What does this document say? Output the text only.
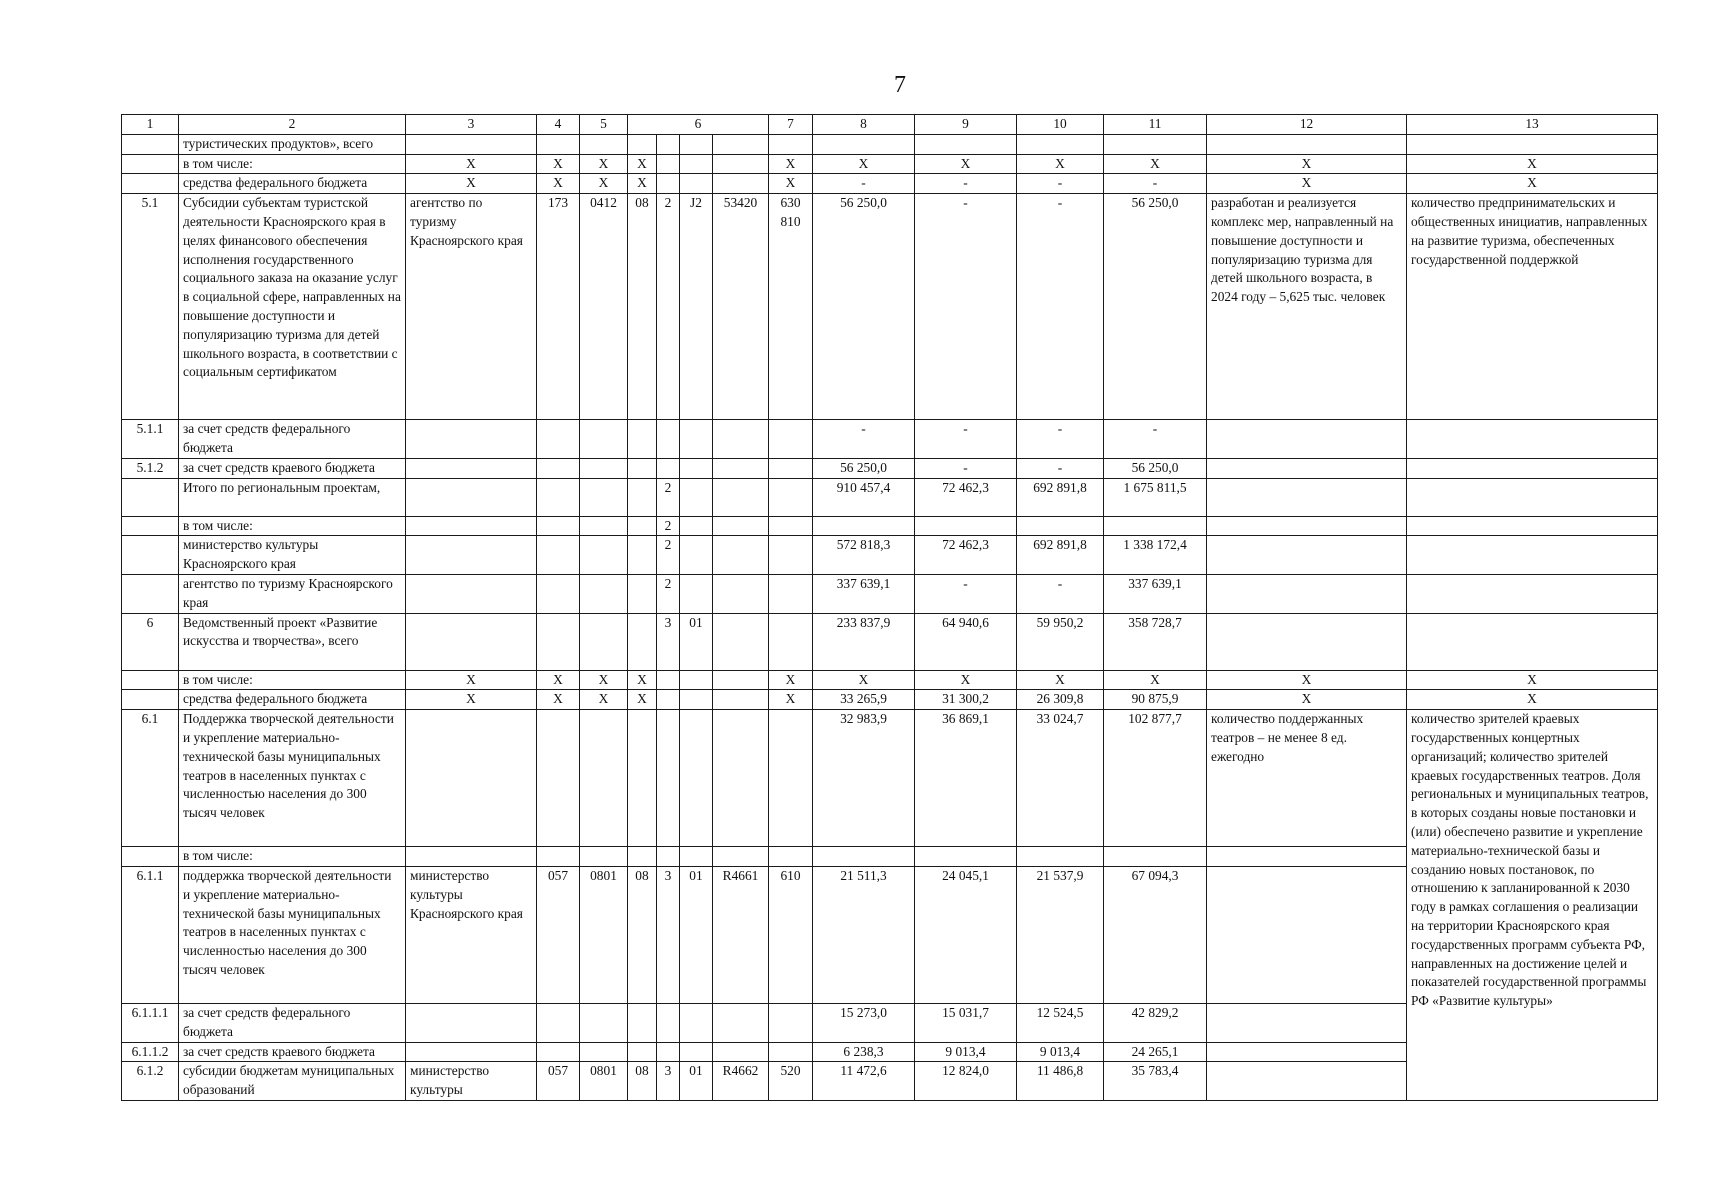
7
1	2	3	4	5	6				7	8	9	10	11	12	13
	туристических продуктов», всего														
	в том числе:	X	X	X	X				X	X	X	X	X	X	X
	средства федерального бюджета	X	X	X	X				X	-	-	-	-	X	X
5.1	Субсидии субъектам туристской деятельности Красноярского края в целях финансового обеспечения исполнения государственного социального заказа на оказание услуг в социальной сфере, направленных на повышение доступности и популяризацию туризма для детей школьного возраста, в соответствии с социальным сертификатом	агентство по туризму Красноярского края	173	0412	08	2	J2	53420	630 810	56 250,0	-	-	56 250,0	разработан и реализуется комплекс мер, направленный на повышение доступности и популяризацию туризма для детей школьного возраста, в 2024 году – 5,625 тыс. человек	количество предпринимательских и общественных инициатив, направленных на развитие туризма, обеспеченных государственной поддержкой
5.1.1	за счет средств федерального бюджета									-	-	-	-		
5.1.2	за счет средств краевого бюджета									56 250,0	-	-	56 250,0		
	Итого по региональным проектам,					2				910 457,4	72 462,3	692 891,8	1 675 811,5		
	в том числе:					2									
	министерство культуры Красноярского края					2				572 818,3	72 462,3	692 891,8	1 338 172,4		
	агентство по туризму Красноярского края					2				337 639,1	-	-	337 639,1		
6	Ведомственный проект «Развитие искусства и творчества», всего					3	01			233 837,9	64 940,6	59 950,2	358 728,7		
	в том числе:	X	X	X	X				X	X	X	X	X	X	X
	средства федерального бюджета	X	X	X	X				X	33 265,9	31 300,2	26 309,8	90 875,9	X	X
6.1	Поддержка творческой деятельности и укрепление материально-технической базы муниципальных театров в населенных пунктах с численностью населения до 300 тысяч человек									32 983,9	36 869,1	33 024,7	102 877,7	количество поддержанных театров – не менее 8 ед. ежегодно	количество зрителей краевых государственных концертных организаций; количество зрителей краевых государственных театров. Доля региональных и муниципальных театров, в которых созданы новые постановки и (или) обеспечено развитие и укрепление материально-технической базы и созданию новых постановок, по отношению к запланированной к 2030 году в рамках соглашения о реализации на территории Красноярского края государственных программ субъекта РФ, направленных на достижение целей и показателей государственной программы РФ «Развитие культуры»
	в том числе:														
6.1.1	поддержка творческой деятельности и укрепление материально-технической базы муниципальных театров в населенных пунктах с численностью населения до 300 тысяч человек	министерство культуры Красноярского края	057	0801	08	3	01	R4661	610	21 511,3	24 045,1	21 537,9	67 094,3		
6.1.1.1	за счет средств федерального бюджета									15 273,0	15 031,7	12 524,5	42 829,2		
6.1.1.2	за счет средств краевого бюджета									6 238,3	9 013,4	9 013,4	24 265,1		
6.1.2	субсидии бюджетам муниципальных образований	министерство культуры	057	0801	08	3	01	R4662	520	11 472,6	12 824,0	11 486,8	35 783,4		
